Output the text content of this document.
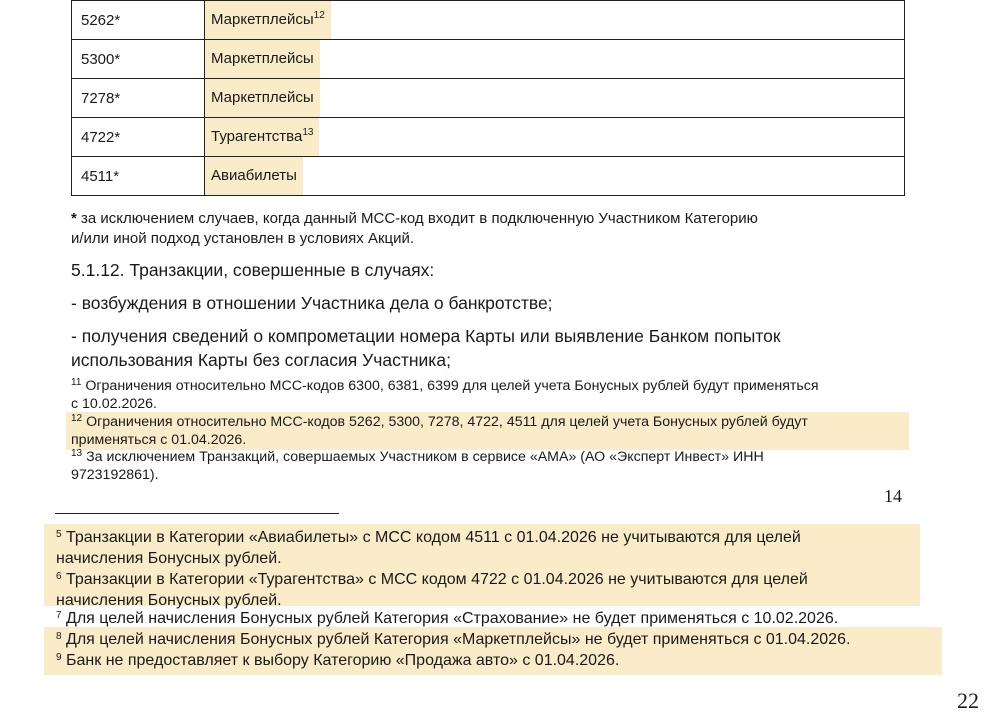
5262*	Маркетплейсы$^{12}$
5300*	Маркетплейсы
7278*	Маркетплейсы
4722*	Турагентства$^{13}$
4511*	Авиабилеты
* за исключением случаев, когда данный МСС-код входит в подключенную Участником Категорию
и/или иной подход установлен в условиях Акций.
5.1.12. Транзакции, совершенные в случаях:
- возбуждения в отношении Участника дела о банкротстве;
- получения сведений о компрометации номера Карты или выявление Банком попыток
использования Карты без согласия Участника;
$^{11}$ Ограничения относительно МСС-кодов 6300, 6381, 6399 для целей учета Бонусных рублей будут применяться
с 10.02.2026.
$^{12}$ Ограничения относительно МСС-кодов 5262, 5300, 7278, 4722, 4511 для целей учета Бонусных рублей будут
применяться с 01.04.2026.
$^{13}$ За исключением Транзакций, совершаемых Участником в сервисе «АМА» (АО «Эксперт Инвест» ИНН
9723192861).
14
$^5$ Транзакции в Категории «Авиабилеты» с МСС кодом 4511 с 01.04.2026 не учитываются для целей
начисления Бонусных рублей.
$^6$ Транзакции в Категории «Турагентства» с МСС кодом 4722 с 01.04.2026 не учитываются для целей
начисления Бонусных рублей.
$^7$ Для целей начисления Бонусных рублей Категория «Страхование» не будет применяться с 10.02.2026.
$^8$ Для целей начисления Бонусных рублей Категория «Маркетплейсы» не будет применяться с 01.04.2026.
$^9$ Банк не предоставляет к выбору Категорию «Продажа авто» с 01.04.2026.
22
